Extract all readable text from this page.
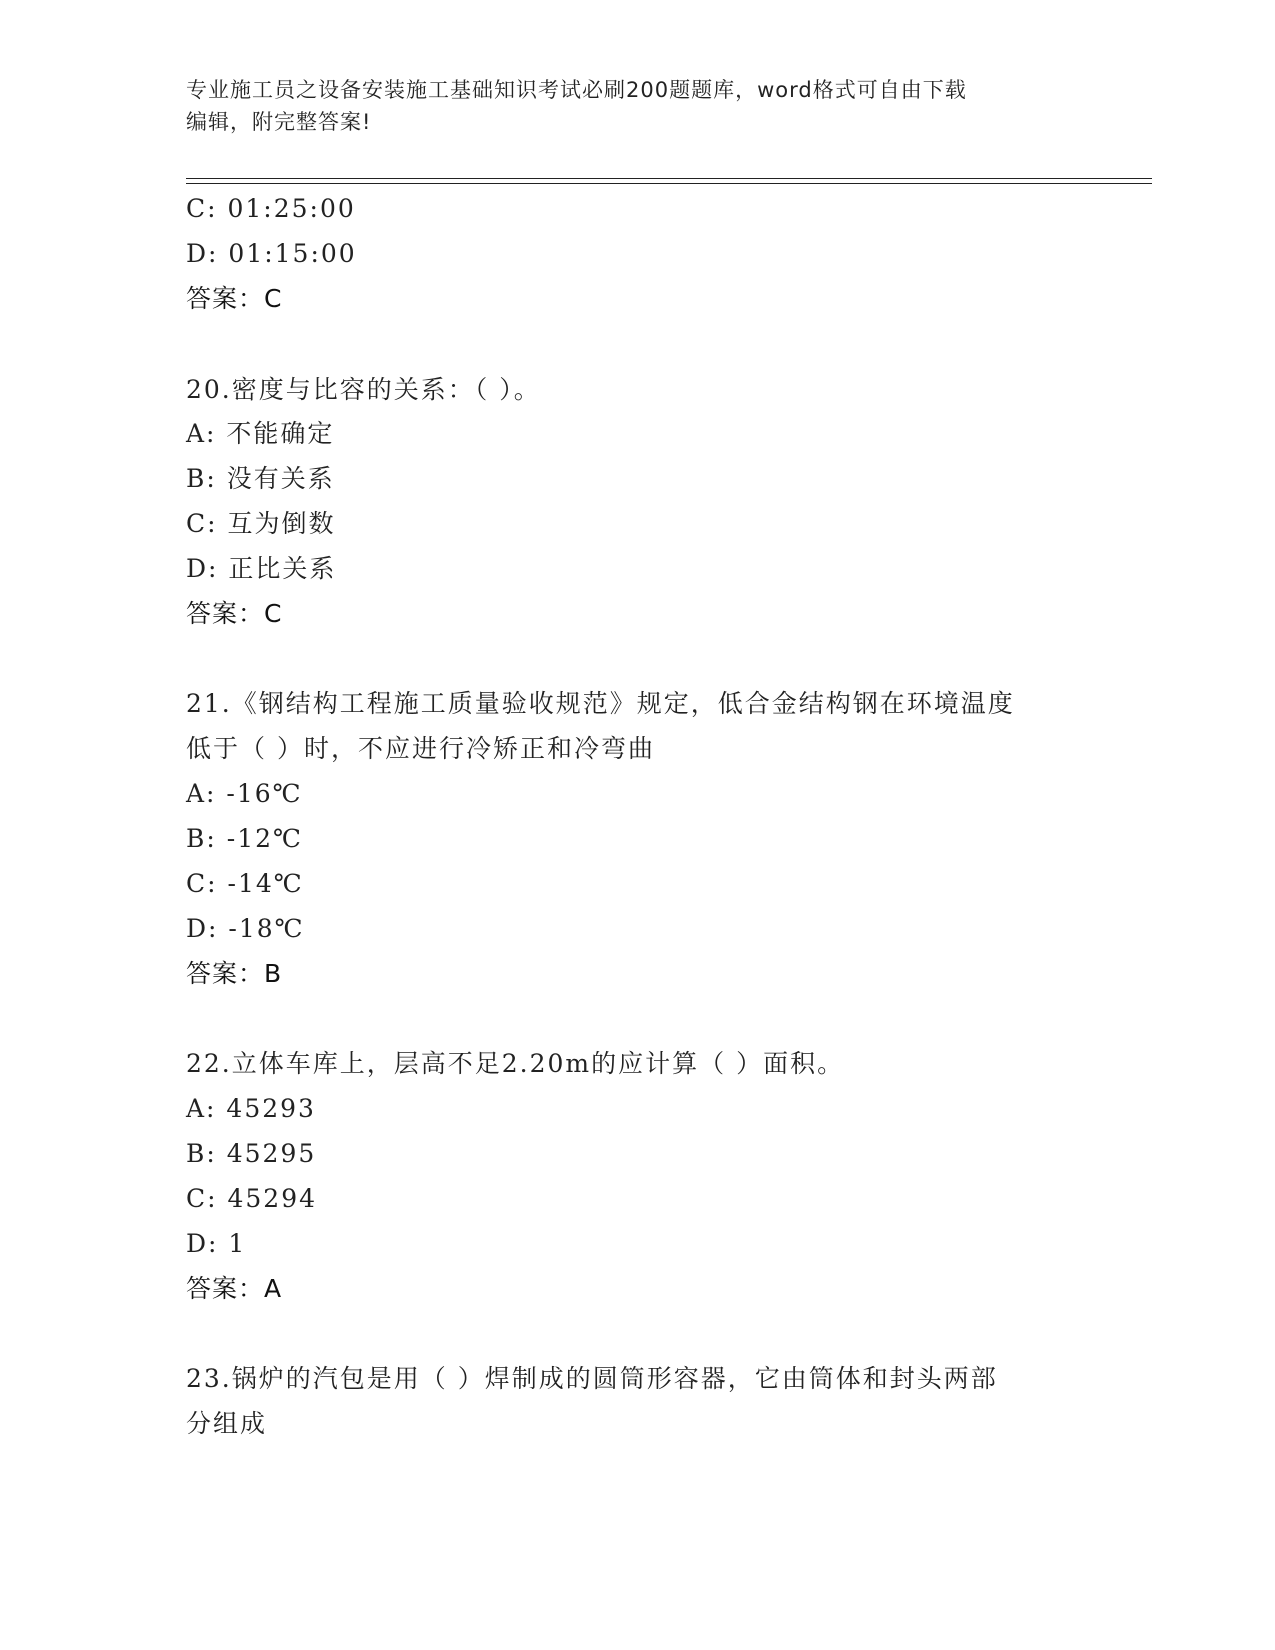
专业施工员之设备安装施工基础知识考试必刷200题题库，word格式可自由下载
编辑，附完整答案!
C: 01:25:00
D: 01:15:00
答案：C
20.密度与比容的关系：（ ）。
A: 不能确定
B: 没有关系
C: 互为倒数
D: 正比关系
答案：C
21.《钢结构工程施工质量验收规范》规定，低合金结构钢在环境温度
低于（ ）时，不应进行冷矫正和冷弯曲
A: -16℃
B: -12℃
C: -14℃
D: -18℃
答案：B
22.立体车库上，层高不足2.20m的应计算（ ）面积。
A: 45293
B: 45295
C: 45294
D: 1
答案：A
23.锅炉的汽包是用（ ）焊制成的圆筒形容器，它由筒体和封头两部
分组成
